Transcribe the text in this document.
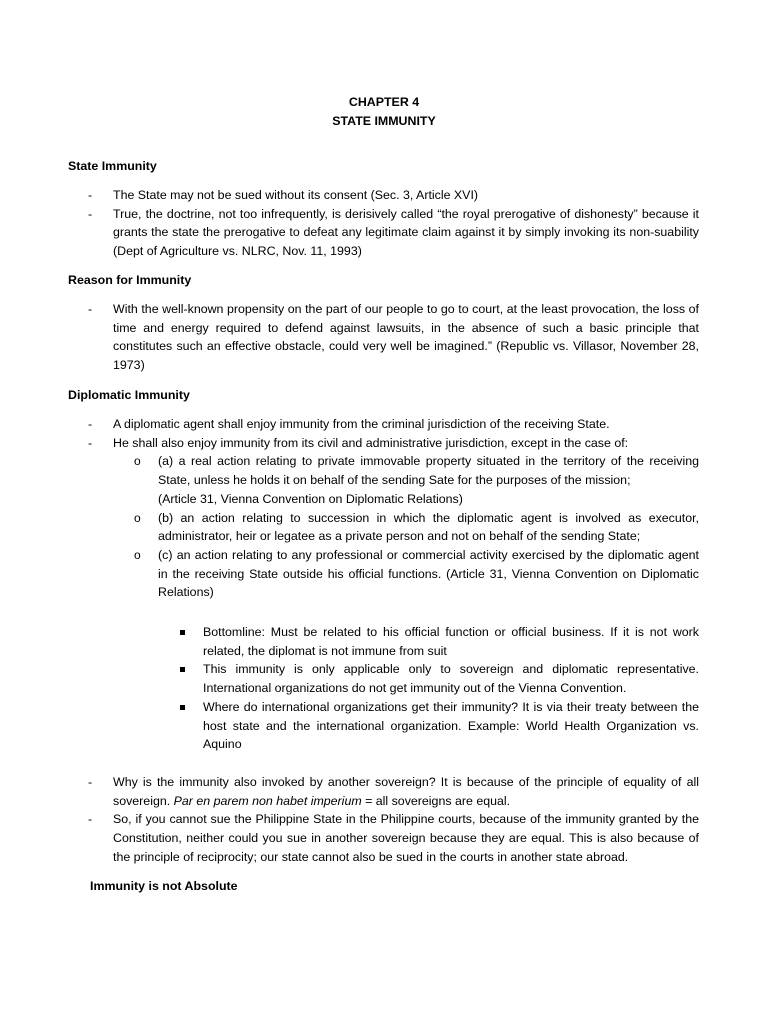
CHAPTER 4
STATE IMMUNITY
State Immunity
- The State may not be sued without its consent (Sec. 3, Article XVI)
- True, the doctrine, not too infrequently, is derisively called “the royal prerogative of dishonesty” because it grants the state the prerogative to defeat any legitimate claim against it by simply invoking its non-suability (Dept of Agriculture vs. NLRC, Nov. 11, 1993)
Reason for Immunity
- With the well-known propensity on the part of our people to go to court, at the least provocation, the loss of time and energy required to defend against lawsuits, in the absence of such a basic principle that constitutes such an effective obstacle, could very well be imagined.” (Republic vs. Villasor, November 28, 1973)
Diplomatic Immunity
- A diplomatic agent shall enjoy immunity from the criminal jurisdiction of the receiving State.
- He shall also enjoy immunity from its civil and administrative jurisdiction, except in the case of:
o (a) a real action relating to private immovable property situated in the territory of the receiving State, unless he holds it on behalf of the sending Sate for the purposes of the mission;
(Article 31, Vienna Convention on Diplomatic Relations)
o (b) an action relating to succession in which the diplomatic agent is involved as executor, administrator, heir or legatee as a private person and not on behalf of the sending State;
o (c) an action relating to any professional or commercial activity exercised by the diplomatic agent in the receiving State outside his official functions. (Article 31, Vienna Convention on Diplomatic Relations)
Bottomline: Must be related to his official function or official business. If it is not work related, the diplomat is not immune from suit
This immunity is only applicable only to sovereign and diplomatic representative. International organizations do not get immunity out of the Vienna Convention.
Where do international organizations get their immunity? It is via their treaty between the host state and the international organization. Example: World Health Organization vs. Aquino
- Why is the immunity also invoked by another sovereign? It is because of the principle of equality of all sovereign. Par en parem non habet imperium = all sovereigns are equal.
- So, if you cannot sue the Philippine State in the Philippine courts, because of the immunity granted by the Constitution, neither could you sue in another sovereign because they are equal. This is also because of the principle of reciprocity; our state cannot also be sued in the courts in another state abroad.
Immunity is not Absolute
